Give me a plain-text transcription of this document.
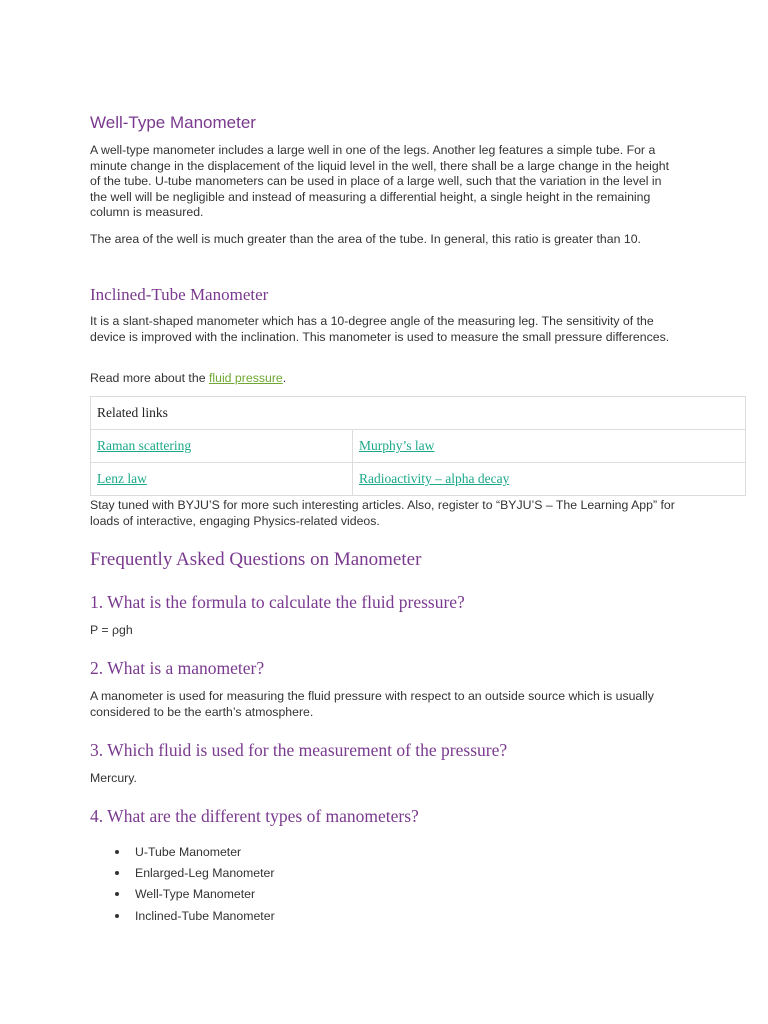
Well-Type Manometer

A well-type manometer includes a large well in one of the legs. Another leg features a simple tube. For a minute change in the displacement of the liquid level in the well, there shall be a large change in the height of the tube. U-tube manometers can be used in place of a large well, such that the variation in the level in the well will be negligible and instead of measuring a differential height, a single height in the remaining column is measured.

The area of the well is much greater than the area of the tube. In general, this ratio is greater than 10.

Inclined-Tube Manometer

It is a slant-shaped manometer which has a 10-degree angle of the measuring leg. The sensitivity of the device is improved with the inclination. This manometer is used to measure the small pressure differences.

Read more about the fluid pressure.

Related links	
Raman scattering	Murphy’s law
Lenz law	Radioactivity – alpha decay

Stay tuned with BYJU’S for more such interesting articles. Also, register to “BYJU’S – The Learning App” for loads of interactive, engaging Physics-related videos.

Frequently Asked Questions on Manometer
1. What is the formula to calculate the fluid pressure?

P = ρgh

2. What is a manometer?

A manometer is used for measuring the fluid pressure with respect to an outside source which is usually considered to be the earth’s atmosphere.

3. Which fluid is used for the measurement of the pressure?

Mercury.

4. What are the different types of manometers?
U-Tube Manometer
Enlarged-Leg Manometer
Well-Type Manometer
Inclined-Tube Manometer
